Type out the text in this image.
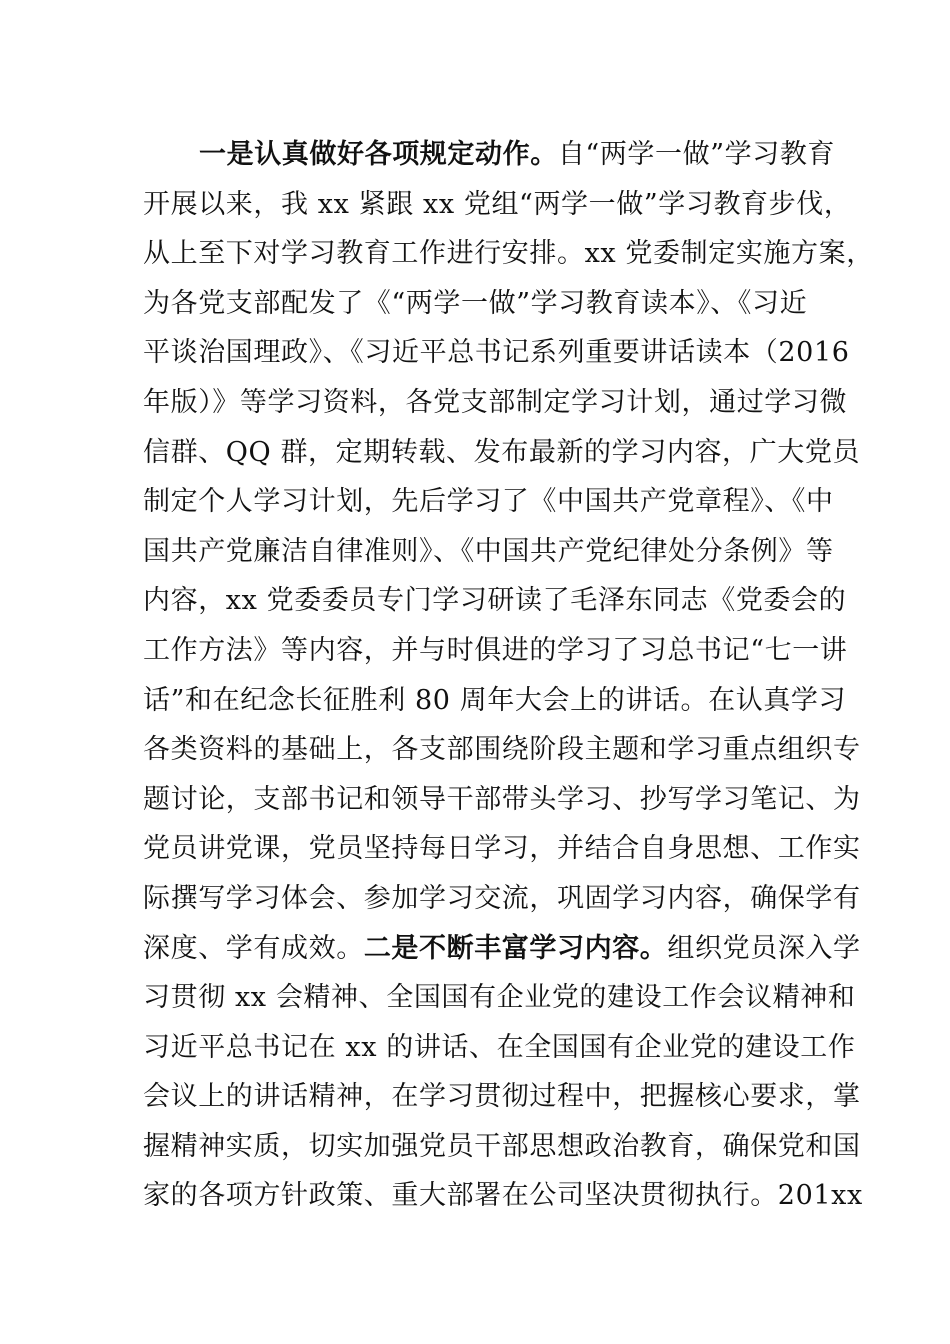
一是认真做好各项规定动作。自“两学一做”学习教育
开展以来，我 xx 紧跟 xx 党组“两学一做”学习教育步伐，
从上至下对学习教育工作进行安排。xx 党委制定实施方案，
为各党支部配发了《“两学一做”学习教育读本》、《习近
平谈治国理政》、《习近平总书记系列重要讲话读本（2016
年版）》等学习资料，各党支部制定学习计划，通过学习微
信群、QQ 群，定期转载、发布最新的学习内容，广大党员
制定个人学习计划，先后学习了《中国共产党章程》、《中
国共产党廉洁自律准则》、《中国共产党纪律处分条例》等
内容，xx 党委委员专门学习研读了毛泽东同志《党委会的
工作方法》等内容，并与时俱进的学习了习总书记“七一讲
话”和在纪念长征胜利 80 周年大会上的讲话。在认真学习
各类资料的基础上，各支部围绕阶段主题和学习重点组织专
题讨论，支部书记和领导干部带头学习、抄写学习笔记、为
党员讲党课，党员坚持每日学习，并结合自身思想、工作实
际撰写学习体会、参加学习交流，巩固学习内容，确保学有
深度、学有成效。二是不断丰富学习内容。组织党员深入学
习贯彻 xx 会精神、全国国有企业党的建设工作会议精神和
习近平总书记在 xx 的讲话、在全国国有企业党的建设工作
会议上的讲话精神，在学习贯彻过程中，把握核心要求，掌
握精神实质，切实加强党员干部思想政治教育，确保党和国
家的各项方针政策、重大部署在公司坚决贯彻执行。201xx
